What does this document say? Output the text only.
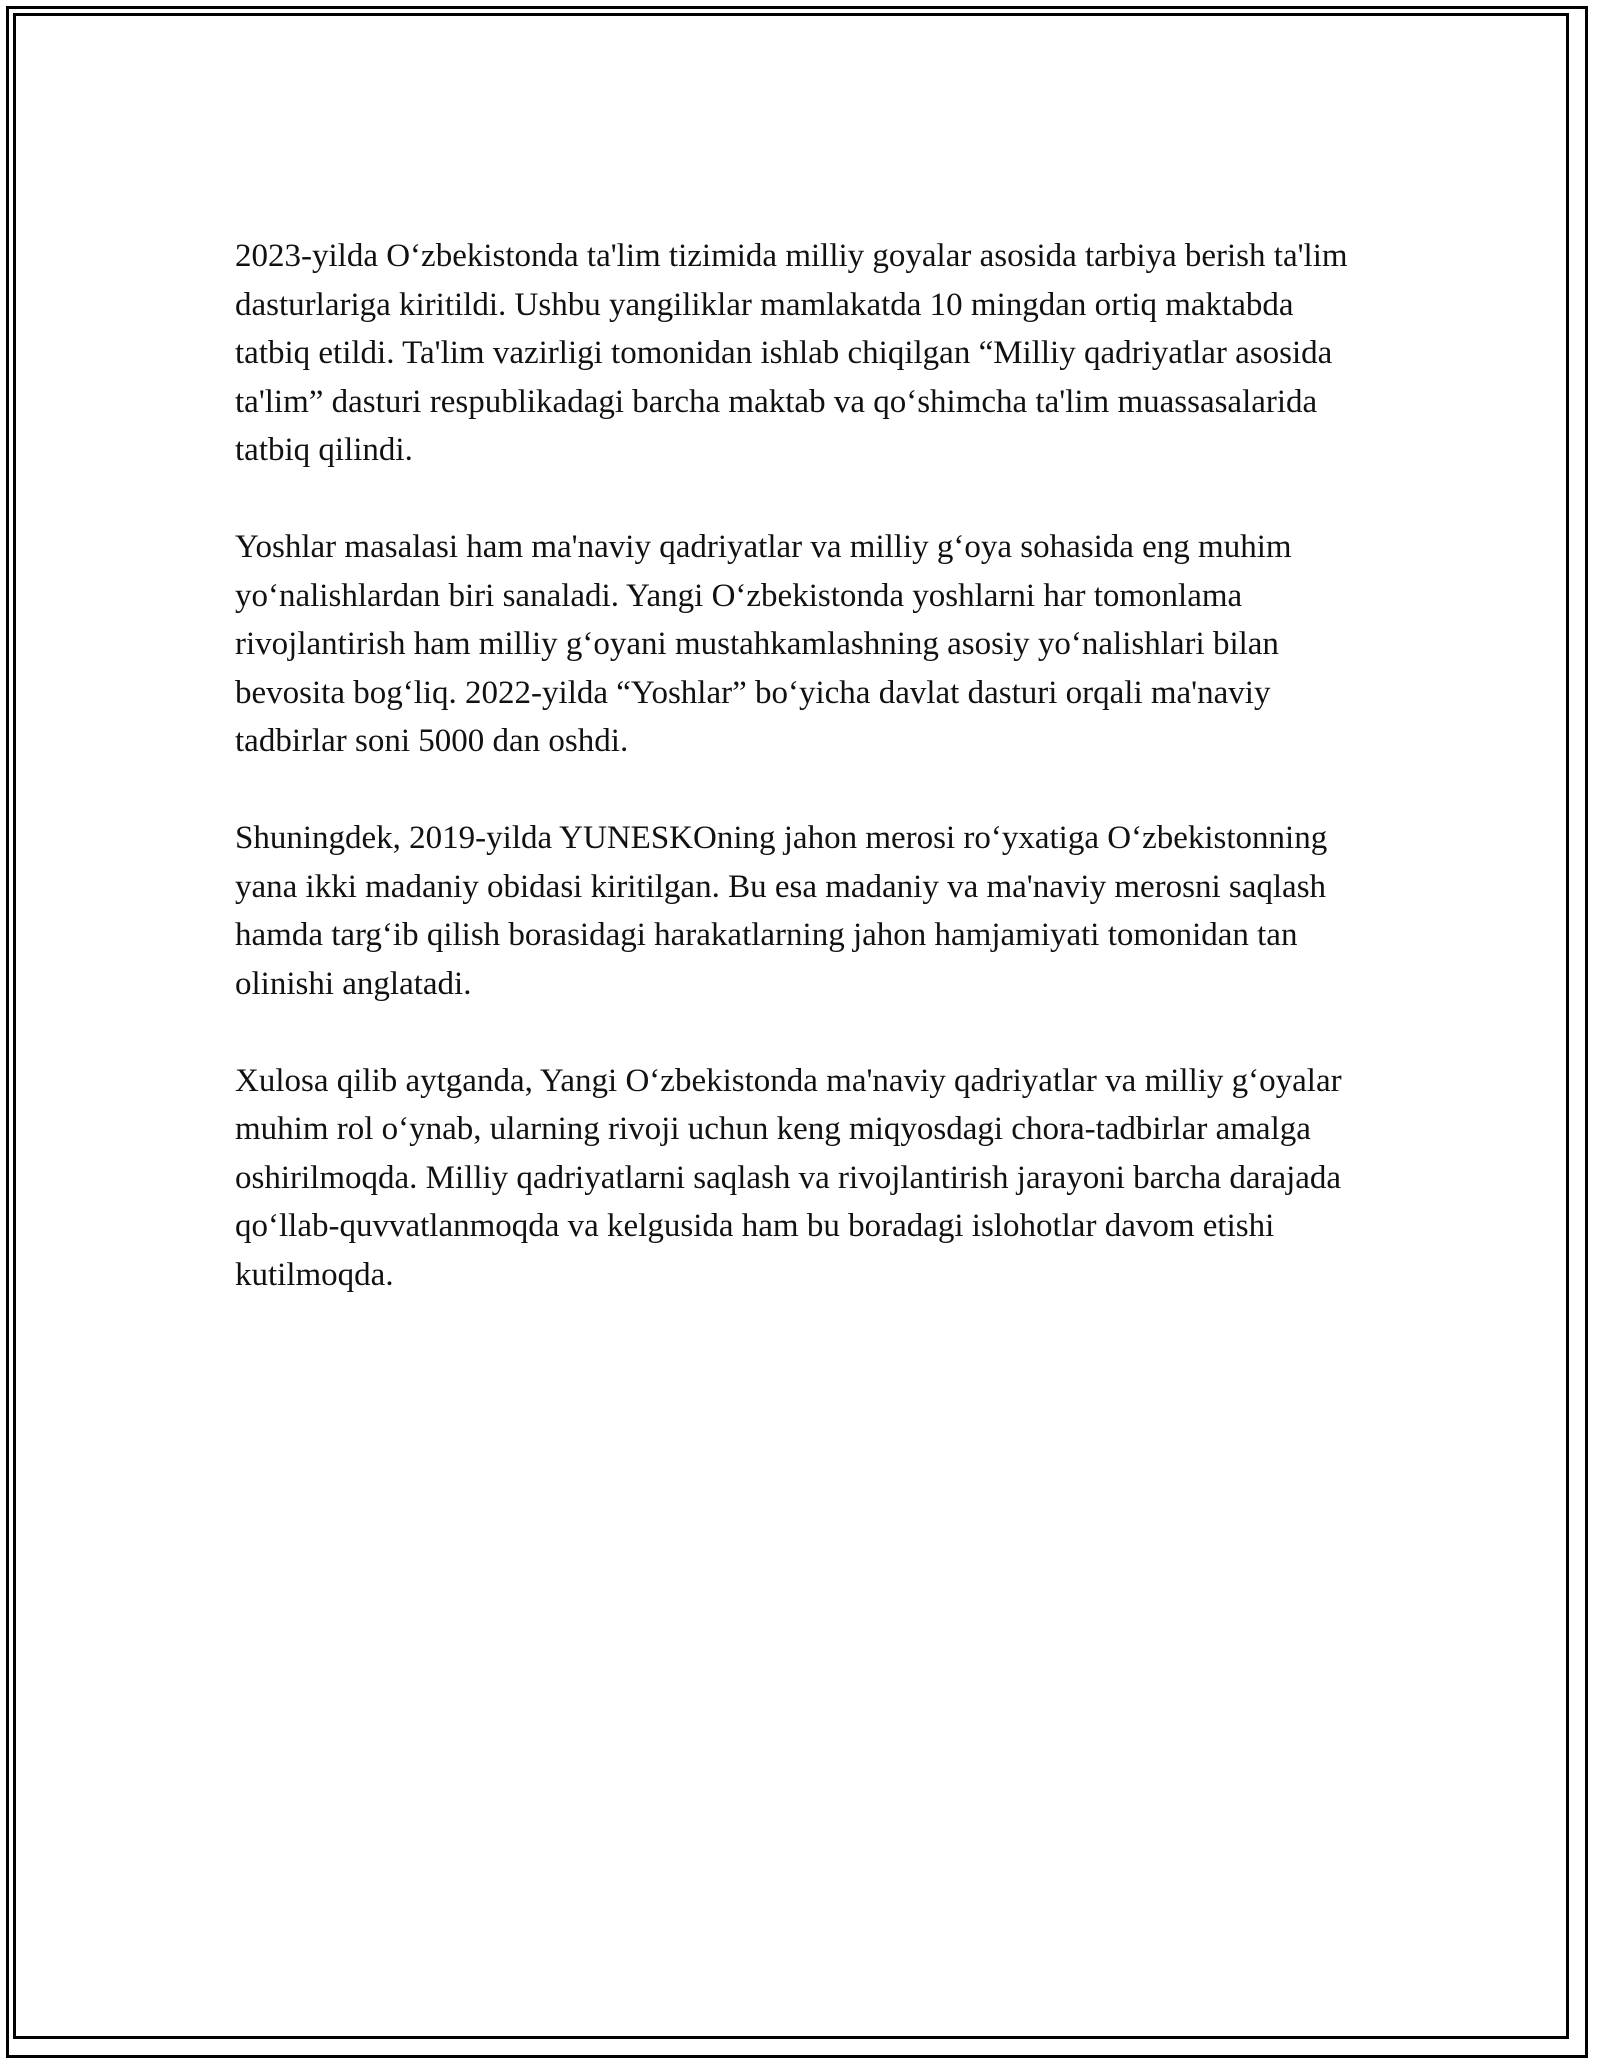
2023-yilda O‘zbekistonda ta'lim tizimida milliy goyalar asosida tarbiya berish ta'lim dasturlariga kiritildi. Ushbu yangiliklar mamlakatda 10 mingdan ortiq maktabda tatbiq etildi. Ta'lim vazirligi tomonidan ishlab chiqilgan “Milliy qadriyatlar asosida ta'lim” dasturi respublikadagi barcha maktab va qo‘shimcha ta'lim muassasalarida tatbiq qilindi.

Yoshlar masalasi ham ma'naviy qadriyatlar va milliy g‘oya sohasida eng muhim yo‘nalishlardan biri sanaladi. Yangi O‘zbekistonda yoshlarni har tomonlama rivojlantirish ham milliy g‘oyani mustahkamlashning asosiy yo‘nalishlari bilan bevosita bog‘liq. 2022-yilda “Yoshlar” bo‘yicha davlat dasturi orqali ma'naviy tadbirlar soni 5000 dan oshdi.

Shuningdek, 2019-yilda YUNESKOning jahon merosi ro‘yxatiga O‘zbekistonning yana ikki madaniy obidasi kiritilgan. Bu esa madaniy va ma'naviy merosni saqlash hamda targ‘ib qilish borasidagi harakatlarning jahon hamjamiyati tomonidan tan olinishi anglatadi.

Xulosa qilib aytganda, Yangi O‘zbekistonda ma'naviy qadriyatlar va milliy g‘oyalar muhim rol o‘ynab, ularning rivoji uchun keng miqyosdagi chora-tadbirlar amalga oshirilmoqda. Milliy qadriyatlarni saqlash va rivojlantirish jarayoni barcha darajada qo‘llab-quvvatlanmoqda va kelgusida ham bu boradagi islohotlar davom etishi kutilmoqda.
